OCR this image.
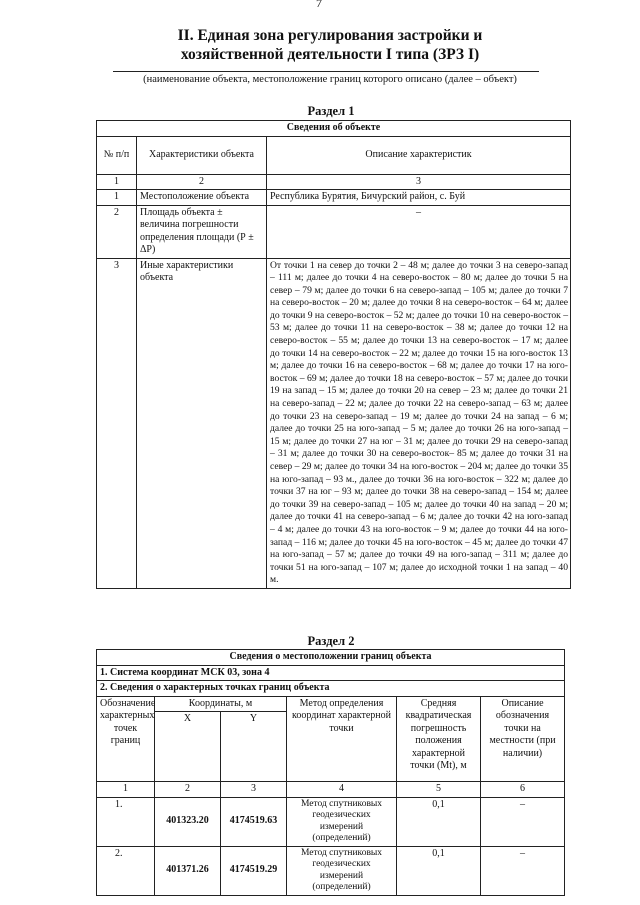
7
II. Единая зона регулирования застройки и
хозяйственной деятельности I типа (ЗРЗ I)
(наименование объекта, местоположение границ которого описано (далее – объект)
Раздел 1
Сведения об объекте		
№ п/п	Характеристики объекта	Описание характеристик
1	2	3
1	Местоположение объекта	Республика Бурятия, Бичурский район, с. Буй
2	Площадь объекта ± величина погрешности определения площади (Р ± ΔР)	–
3	Иные характеристики объекта	От точки 1 на север до точки 2 – 48 м; далее до точки 3 на северо-запад – 111 м; далее до точки 4 на северо-восток – 80 м; далее до точки 5 на север – 79 м; далее до точки 6 на северо-запад – 105 м; далее до точки 7 на северо-восток – 20 м; далее до точки 8 на северо-восток – 64 м; далее до точки 9 на северо-восток – 52 м; далее до точки 10 на северо-восток – 53 м; далее до точки 11 на северо-восток – 38 м; далее до точки 12 на северо-восток – 55 м; далее до точки 13 на северо-восток – 17 м; далее до точки 14 на северо-восток – 22 м; далее до точки 15 на юго-восток 13 м; далее до точки 16 на северо-восток – 68 м; далее до точки 17 на юго-восток – 69 м; далее до точки 18 на северо-восток – 57 м; далее до точки 19 на запад – 15 м; далее до точки 20 на север – 23 м; далее до точки 21 на северо-запад – 22 м; далее до точки 22 на северо-запад – 63 м; далее до точки 23 на северо-запад – 19 м; далее до точки 24 на запад – 6 м; далее до точки 25 на юго-запад – 5 м; далее до точки 26 на юго-запад – 15 м; далее до точки 27 на юг – 31 м; далее до точки 29 на северо-запад – 31 м; далее до точки 30 на северо-восток– 85 м; далее до точки 31 на север – 29 м; далее до точки 34 на юго-восток – 204 м; далее до точки 35 на юго-запад – 93 м., далее до точки 36 на юго-восток – 322 м; далее до точки 37 на юг – 93 м; далее до точки 38 на северо-запад – 154 м; далее до точки 39 на северо-запад – 105 м; далее до точки 40 на запад – 20 м; далее до точки 41 на северо-запад – 6 м; далее до точки 42 на юго-запад – 4 м; далее до точки 43 на юго-восток – 9 м; далее до точки 44 на юго-запад – 116 м; далее до точки 45 на юго-восток – 45 м; далее до точки 47 на юго-запад – 57 м; далее до точки 49 на юго-запад – 311 м; далее до точки 51 на юго-запад – 107 м; далее до исходной точки 1 на запад – 40 м.
Раздел 2
Сведения о местоположении границ объекта					
1. Система координат МСК 03, зона 4					
2. Сведения о характерных точках границ объекта					
Обозначение характерных точек границ	Координаты, м		Метод определения координат характерной точки	Средняя квадратическая погрешность положения характерной точки (Mt), м	Описание обозначения точки на местности (при наличии)
	X	Y			
1	2	3	4	5	6
1.	401323.20	4174519.63	Метод спутниковых геодезических измерений (определений)	0,1	–
2.	401371.26	4174519.29	Метод спутниковых геодезических измерений (определений)	0,1	–
